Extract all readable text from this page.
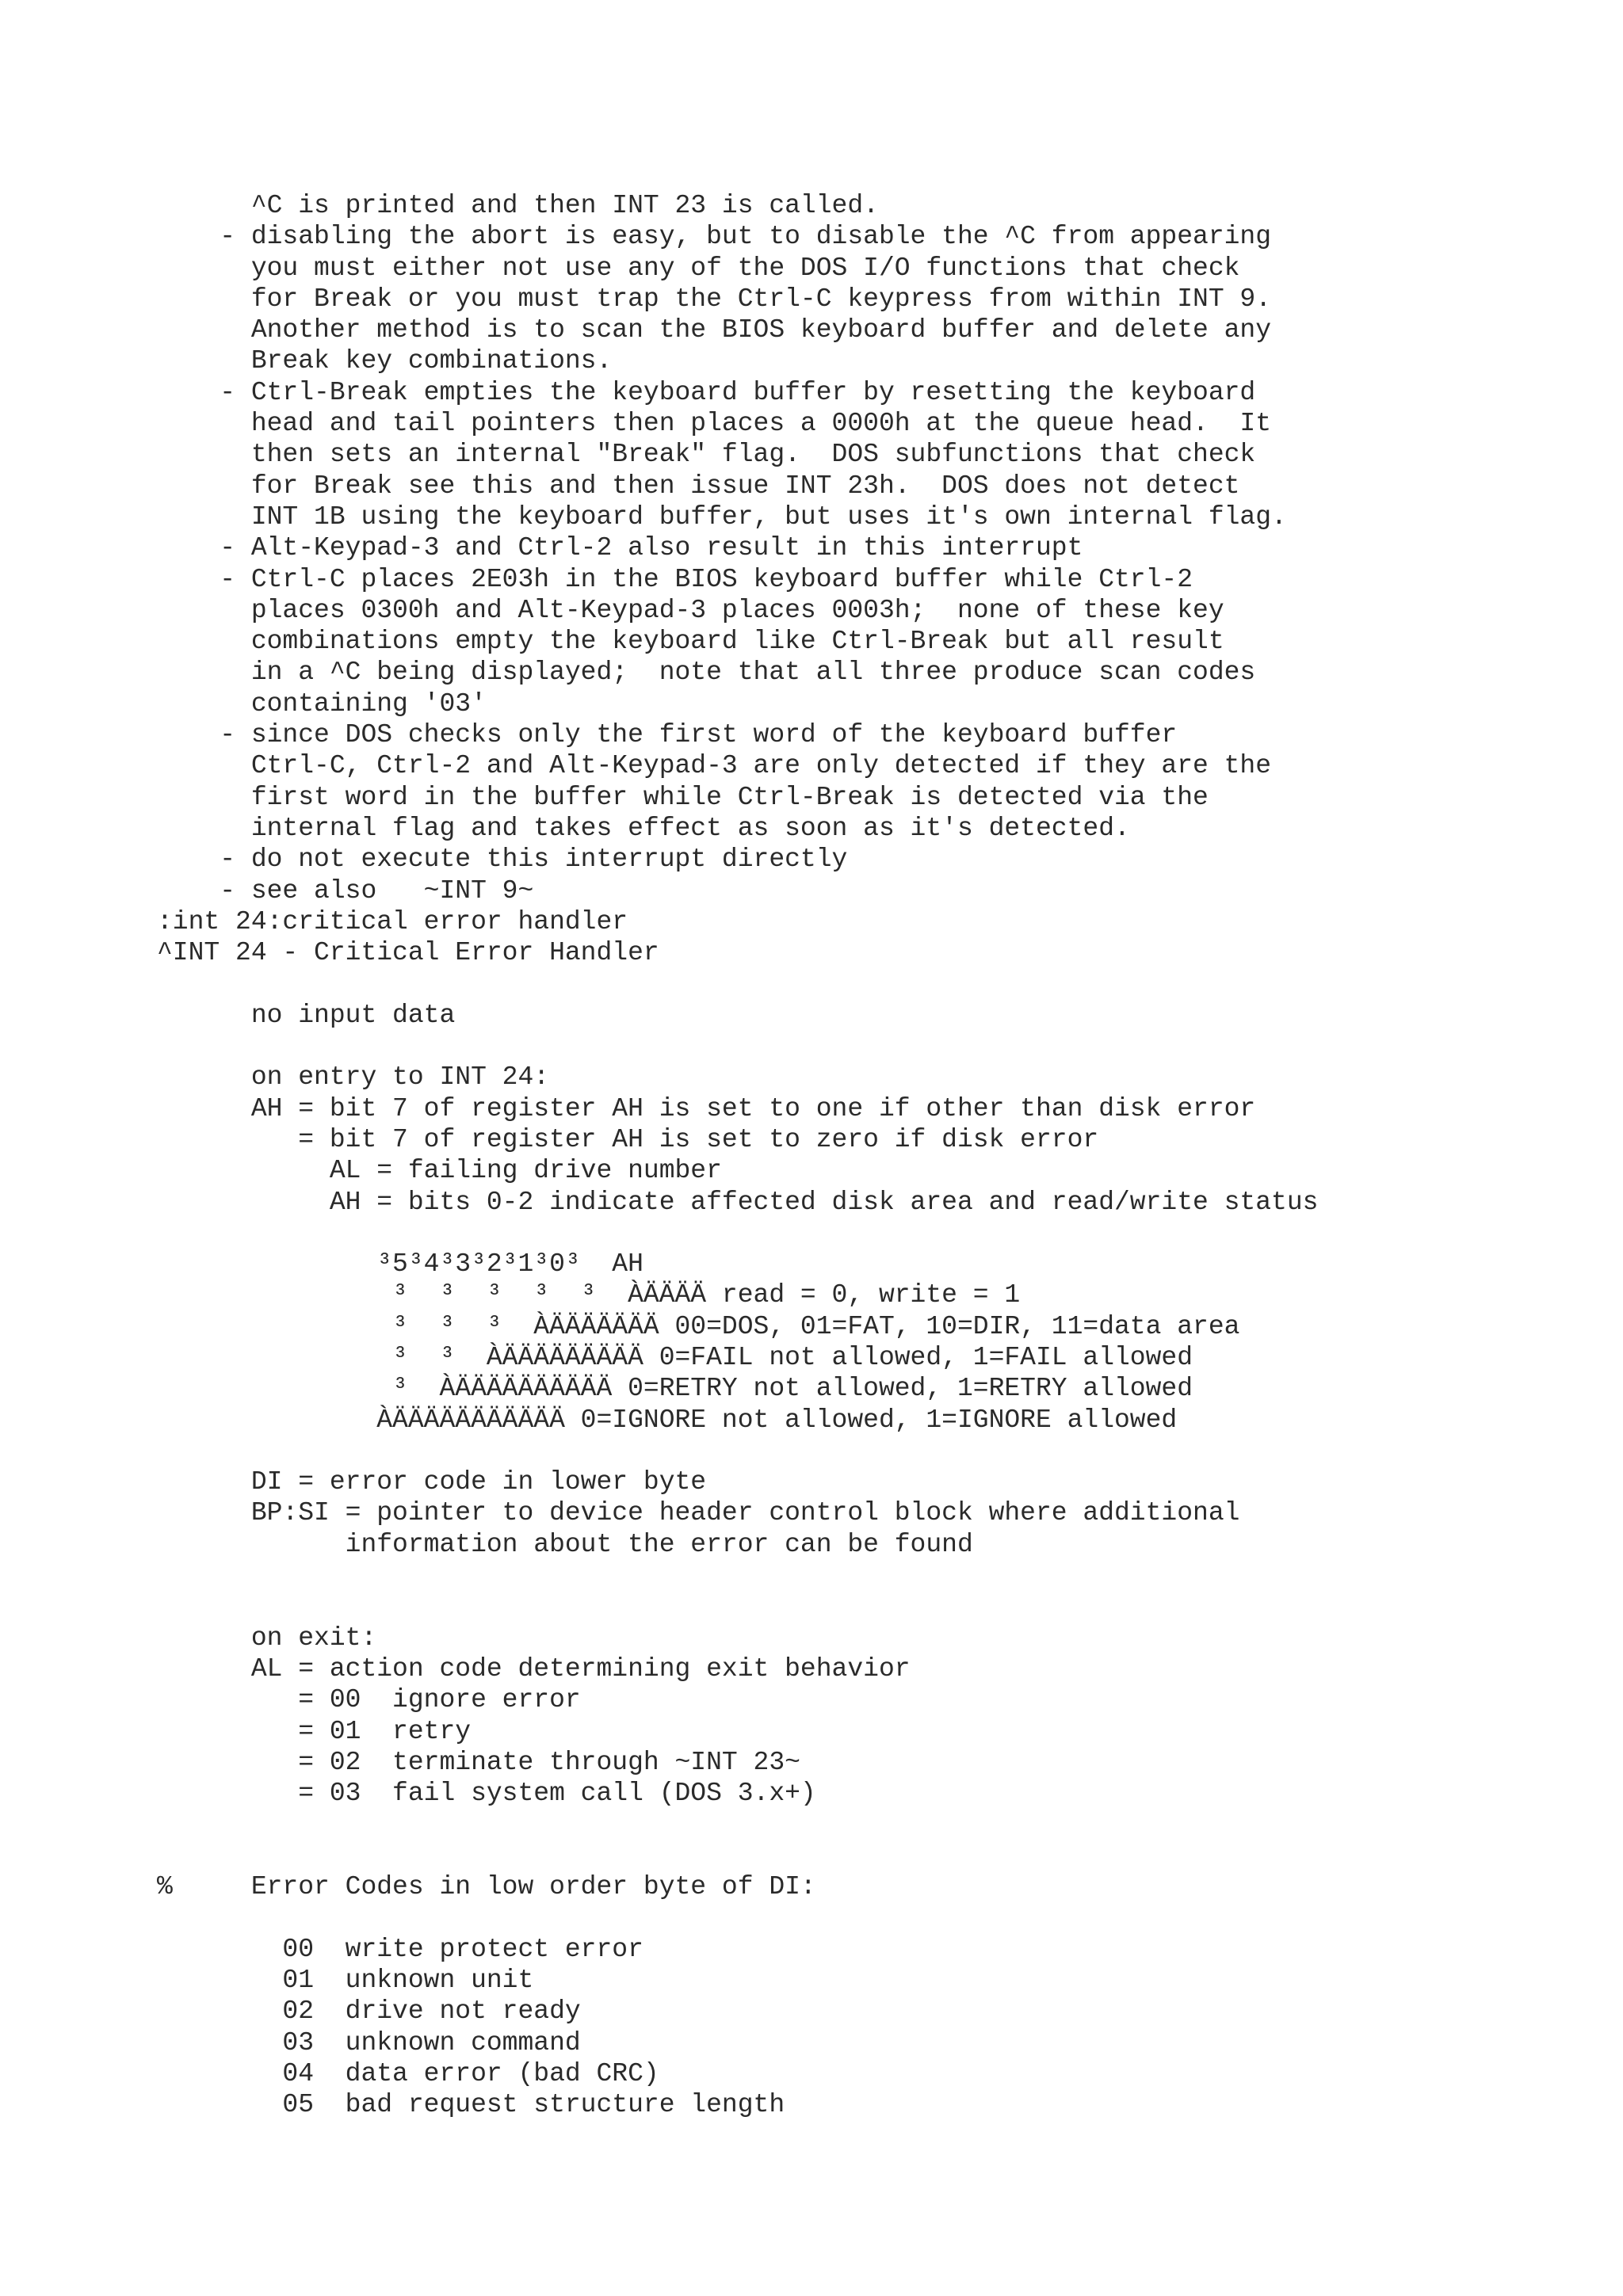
^C is printed and then INT 23 is called.
- disabling the abort is easy, but to disable the ^C from appearing
you must either not use any of the DOS I/O functions that check
for Break or you must trap the Ctrl-C keypress from within INT 9.
Another method is to scan the BIOS keyboard buffer and delete any
Break key combinations.
- Ctrl-Break empties the keyboard buffer by resetting the keyboard
head and tail pointers then places a 0000h at the queue head.  It
then sets an internal "Break" flag.  DOS subfunctions that check
for Break see this and then issue INT 23h.  DOS does not detect
INT 1B using the keyboard buffer, but uses it's own internal flag.
- Alt-Keypad-3 and Ctrl-2 also result in this interrupt
- Ctrl-C places 2E03h in the BIOS keyboard buffer while Ctrl-2
places 0300h and Alt-Keypad-3 places 0003h;  none of these key
combinations empty the keyboard like Ctrl-Break but all result
in a ^C being displayed;  note that all three produce scan codes
containing '03'
- since DOS checks only the first word of the keyboard buffer
Ctrl-C, Ctrl-2 and Alt-Keypad-3 are only detected if they are the
first word in the buffer while Ctrl-Break is detected via the
internal flag and takes effect as soon as it's detected.
- do not execute this interrupt directly
- see also   ~INT 9~
:int 24:critical error handler
^INT 24 - Critical Error Handler
no input data
on entry to INT 24:
AH = bit 7 of register AH is set to one if other than disk error
= bit 7 of register AH is set to zero if disk error
AL = failing drive number
AH = bits 0-2 indicate affected disk area and read/write status
³5³4³3³2³1³0³  AH
³  ³  ³  ³  ³  ÀÄÄÄÄ read = 0, write = 1
³  ³  ³  ÀÄÄÄÄÄÄÄ 00=DOS, 01=FAT, 10=DIR, 11=data area
³  ³  ÀÄÄÄÄÄÄÄÄÄ 0=FAIL not allowed, 1=FAIL allowed
³  ÀÄÄÄÄÄÄÄÄÄÄ 0=RETRY not allowed, 1=RETRY allowed
ÀÄÄÄÄÄÄÄÄÄÄÄ 0=IGNORE not allowed, 1=IGNORE allowed
DI = error code in lower byte
BP:SI = pointer to device header control block where additional
information about the error can be found
on exit:
AL = action code determining exit behavior
= 00  ignore error
= 01  retry
= 02  terminate through ~INT 23~
= 03  fail system call (DOS 3.x+)
%     Error Codes in low order byte of DI:
00  write protect error
01  unknown unit
02  drive not ready
03  unknown command
04  data error (bad CRC)
05  bad request structure length
